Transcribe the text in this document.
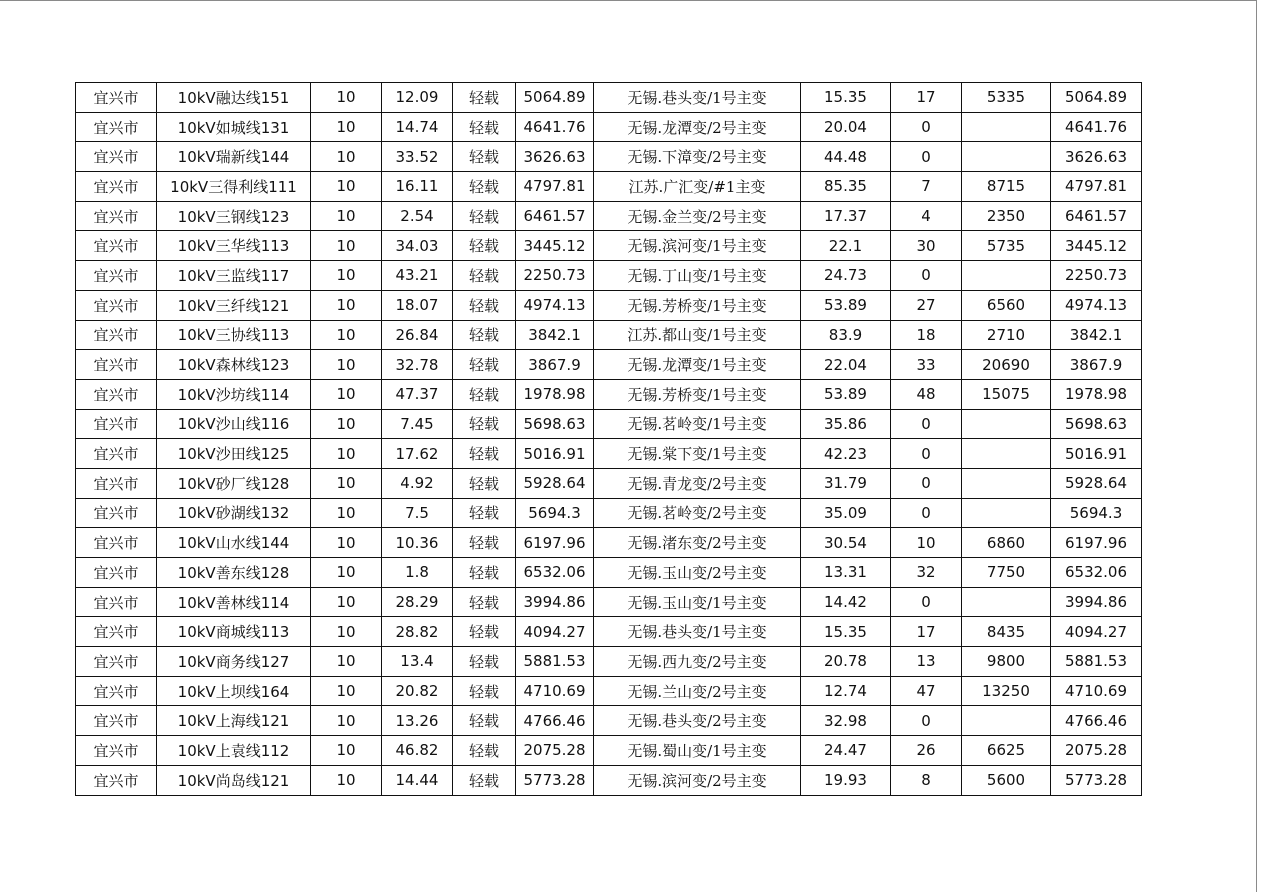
宜兴市	10kV融达线151	10	12.09	轻载	5064.89	无锡.巷头变/1号主变	15.35	17	5335	5064.89
宜兴市	10kV如城线131	10	14.74	轻载	4641.76	无锡.龙潭变/2号主变	20.04	0		4641.76
宜兴市	10kV瑞新线144	10	33.52	轻载	3626.63	无锡.下漳变/2号主变	44.48	0		3626.63
宜兴市	10kV三得利线111	10	16.11	轻载	4797.81	江苏.广汇变/#1主变	85.35	7	8715	4797.81
宜兴市	10kV三钢线123	10	2.54	轻载	6461.57	无锡.金兰变/2号主变	17.37	4	2350	6461.57
宜兴市	10kV三华线113	10	34.03	轻载	3445.12	无锡.滨河变/1号主变	22.1	30	5735	3445.12
宜兴市	10kV三监线117	10	43.21	轻载	2250.73	无锡.丁山变/1号主变	24.73	0		2250.73
宜兴市	10kV三纤线121	10	18.07	轻载	4974.13	无锡.芳桥变/1号主变	53.89	27	6560	4974.13
宜兴市	10kV三协线113	10	26.84	轻载	3842.1	江苏.都山变/1号主变	83.9	18	2710	3842.1
宜兴市	10kV森林线123	10	32.78	轻载	3867.9	无锡.龙潭变/1号主变	22.04	33	20690	3867.9
宜兴市	10kV沙坊线114	10	47.37	轻载	1978.98	无锡.芳桥变/1号主变	53.89	48	15075	1978.98
宜兴市	10kV沙山线116	10	7.45	轻载	5698.63	无锡.茗岭变/1号主变	35.86	0		5698.63
宜兴市	10kV沙田线125	10	17.62	轻载	5016.91	无锡.棠下变/1号主变	42.23	0		5016.91
宜兴市	10kV砂厂线128	10	4.92	轻载	5928.64	无锡.青龙变/2号主变	31.79	0		5928.64
宜兴市	10kV砂湖线132	10	7.5	轻载	5694.3	无锡.茗岭变/2号主变	35.09	0		5694.3
宜兴市	10kV山水线144	10	10.36	轻载	6197.96	无锡.渚东变/2号主变	30.54	10	6860	6197.96
宜兴市	10kV善东线128	10	1.8	轻载	6532.06	无锡.玉山变/2号主变	13.31	32	7750	6532.06
宜兴市	10kV善林线114	10	28.29	轻载	3994.86	无锡.玉山变/1号主变	14.42	0		3994.86
宜兴市	10kV商城线113	10	28.82	轻载	4094.27	无锡.巷头变/1号主变	15.35	17	8435	4094.27
宜兴市	10kV商务线127	10	13.4	轻载	5881.53	无锡.西九变/2号主变	20.78	13	9800	5881.53
宜兴市	10kV上坝线164	10	20.82	轻载	4710.69	无锡.兰山变/2号主变	12.74	47	13250	4710.69
宜兴市	10kV上海线121	10	13.26	轻载	4766.46	无锡.巷头变/2号主变	32.98	0		4766.46
宜兴市	10kV上袁线112	10	46.82	轻载	2075.28	无锡.蜀山变/1号主变	24.47	26	6625	2075.28
宜兴市	10kV尚岛线121	10	14.44	轻载	5773.28	无锡.滨河变/2号主变	19.93	8	5600	5773.28
